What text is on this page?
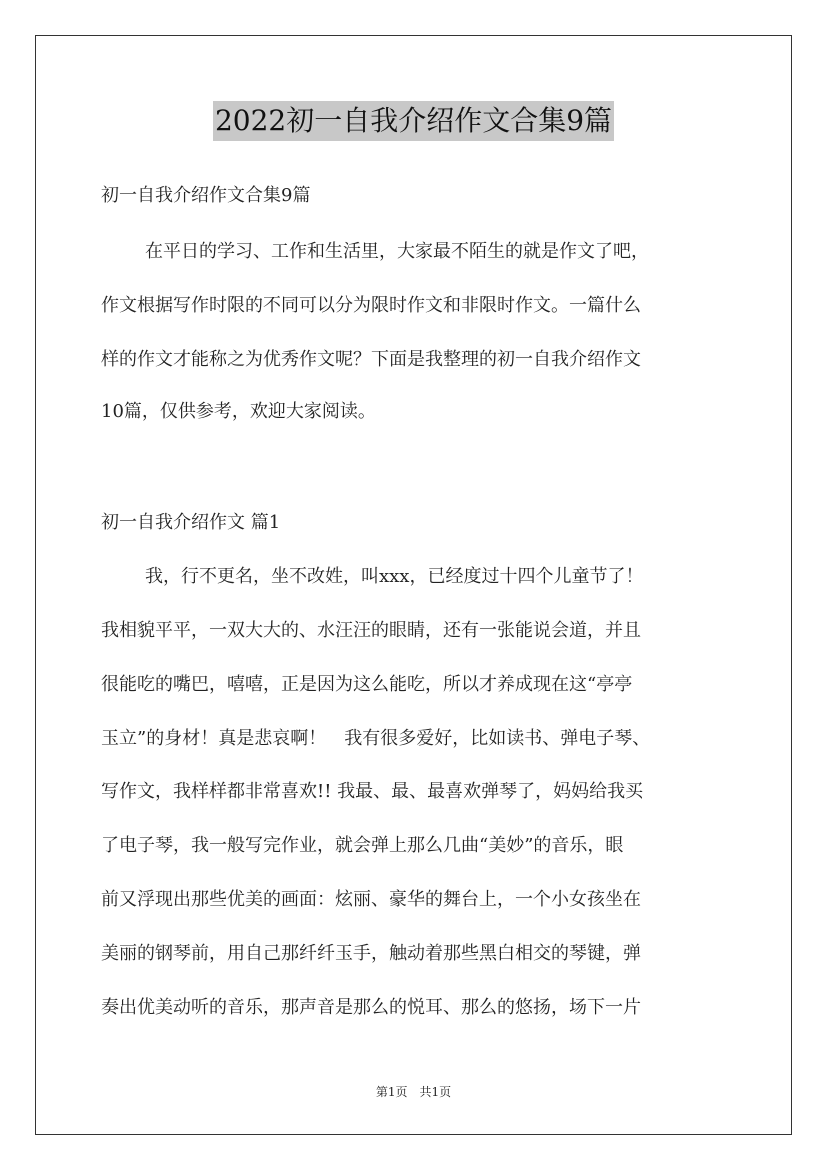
2022初一自我介绍作文合集9篇
初一自我介绍作文合集9篇
在平日的学习、工作和生活里，大家最不陌生的就是作文了吧，
作文根据写作时限的不同可以分为限时作文和非限时作文。一篇什么
样的作文才能称之为优秀作文呢？下面是我整理的初一自我介绍作文
10篇，仅供参考，欢迎大家阅读。
初一自我介绍作文 篇1
我，行不更名，坐不改姓，叫xxx，已经度过十四个儿童节了！
我相貌平平，一双大大的、水汪汪的眼睛，还有一张能说会道，并且
很能吃的嘴巴，嘻嘻，正是因为这么能吃，所以才养成现在这“亭亭
玉立”的身材！真是悲哀啊！　我有很多爱好，比如读书、弹电子琴、
写作文，我样样都非常喜欢!! 我最、最、最喜欢弹琴了，妈妈给我买
了电子琴，我一般写完作业，就会弹上那么几曲“美妙”的音乐，眼
前又浮现出那些优美的画面：炫丽、豪华的舞台上，一个小女孩坐在
美丽的钢琴前，用自己那纤纤玉手，触动着那些黑白相交的琴键，弹
奏出优美动听的音乐，那声音是那么的悦耳、那么的悠扬，场下一片
第1页　共1页
